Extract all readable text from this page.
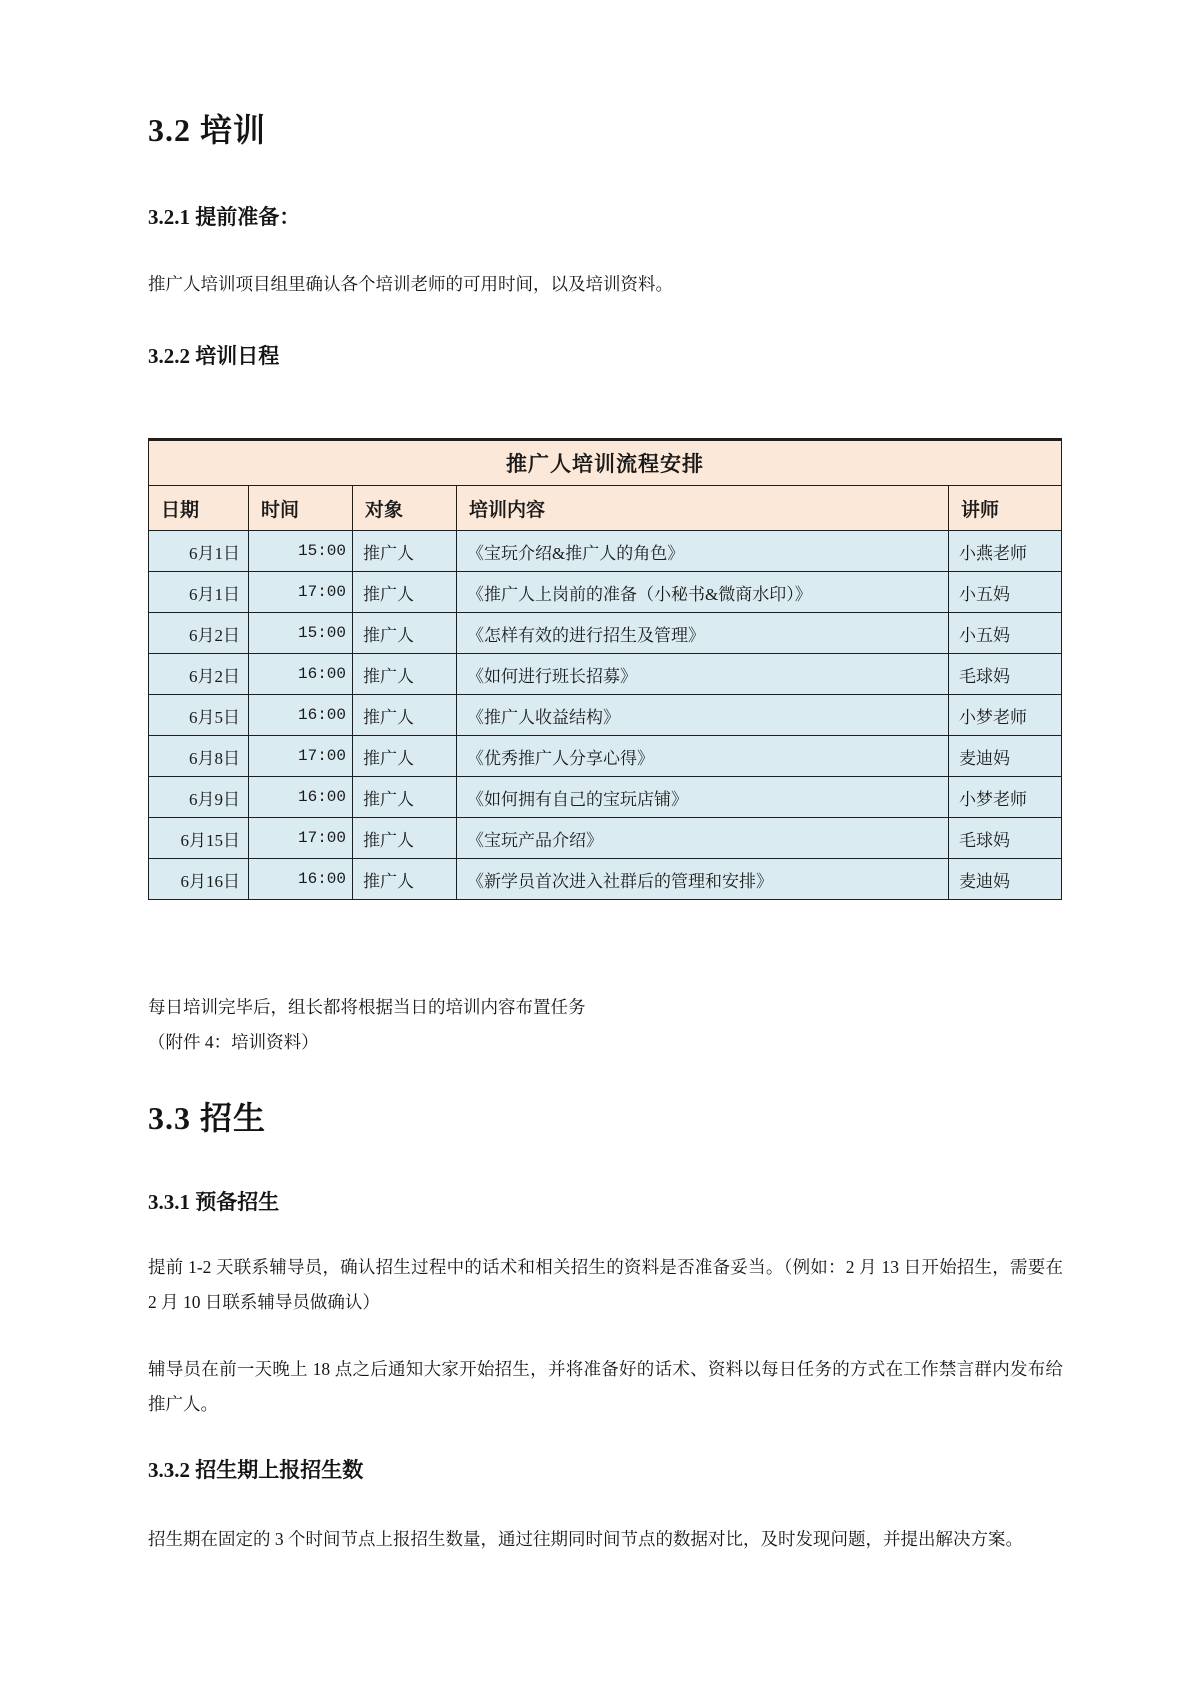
3.2 培训
3.2.1 提前准备：

推广人培训项目组里确认各个培训老师的可用时间，以及培训资料。

3.2.2 培训日程
推广人培训流程安排				
日期	时间	对象	培训内容	讲师
6月1日	15:00	推广人	《宝玩介绍&推广人的角色》	小燕老师
6月1日	17:00	推广人	《推广人上岗前的准备（小秘书&微商水印）》	小五妈
6月2日	15:00	推广人	《怎样有效的进行招生及管理》	小五妈
6月2日	16:00	推广人	《如何进行班长招募》	毛球妈
6月5日	16:00	推广人	《推广人收益结构》	小梦老师
6月8日	17:00	推广人	《优秀推广人分享心得》	麦迪妈
6月9日	16:00	推广人	《如何拥有自己的宝玩店铺》	小梦老师
6月15日	17:00	推广人	《宝玩产品介绍》	毛球妈
6月16日	16:00	推广人	《新学员首次进入社群后的管理和安排》	麦迪妈

每日培训完毕后，组长都将根据当日的培训内容布置任务

（附件 4：培训资料）

3.3 招生
3.3.1 预备招生

提前 1-2 天联系辅导员，确认招生过程中的话术和相关招生的资料是否准备妥当。（例如：2 月 13 日开始招生，需要在 2 月 10 日联系辅导员做确认）

辅导员在前一天晚上 18 点之后通知大家开始招生，并将准备好的话术、资料以每日任务的方式在工作禁言群内发布给推广人。

3.3.2 招生期上报招生数

招生期在固定的 3 个时间节点上报招生数量，通过往期同时间节点的数据对比，及时发现问题，并提出解决方案。
